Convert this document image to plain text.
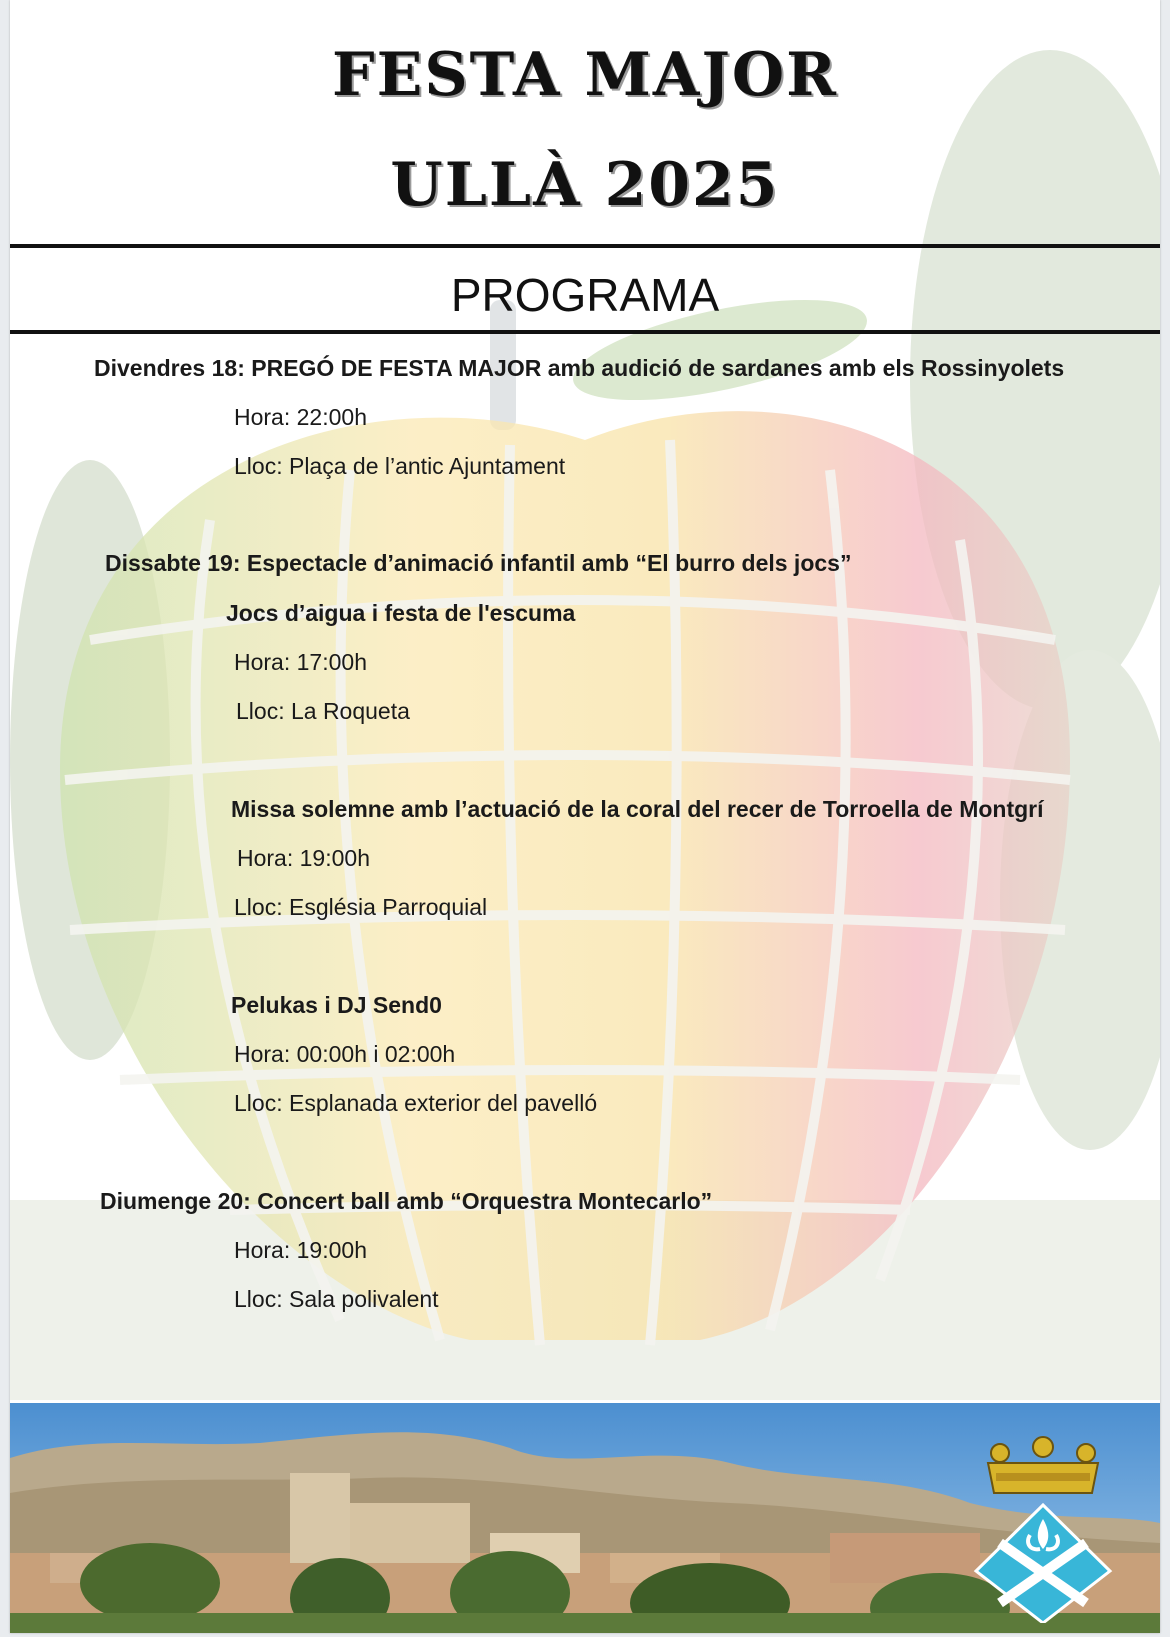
FESTA MAJOR
ULLÀ 2025
PROGRAMA
Divendres 18: PREGÓ DE FESTA MAJOR amb audició de sardanes amb els Rossinyolets
Hora: 22:00h
Lloc: Plaça de l’antic Ajuntament
Dissabte 19: Espectacle d’animació infantil amb “El burro dels jocs”
Jocs d’aigua i festa de l'escuma
Hora: 17:00h
Lloc: La Roqueta
Missa solemne amb l’actuació de la coral del recer de Torroella de Montgrí
Hora: 19:00h
Lloc: Església Parroquial
Pelukas i DJ Send0
Hora: 00:00h i 02:00h
Lloc: Esplanada exterior del pavelló
Diumenge 20: Concert ball amb “Orquestra Montecarlo”
Hora: 19:00h
Lloc: Sala polivalent
